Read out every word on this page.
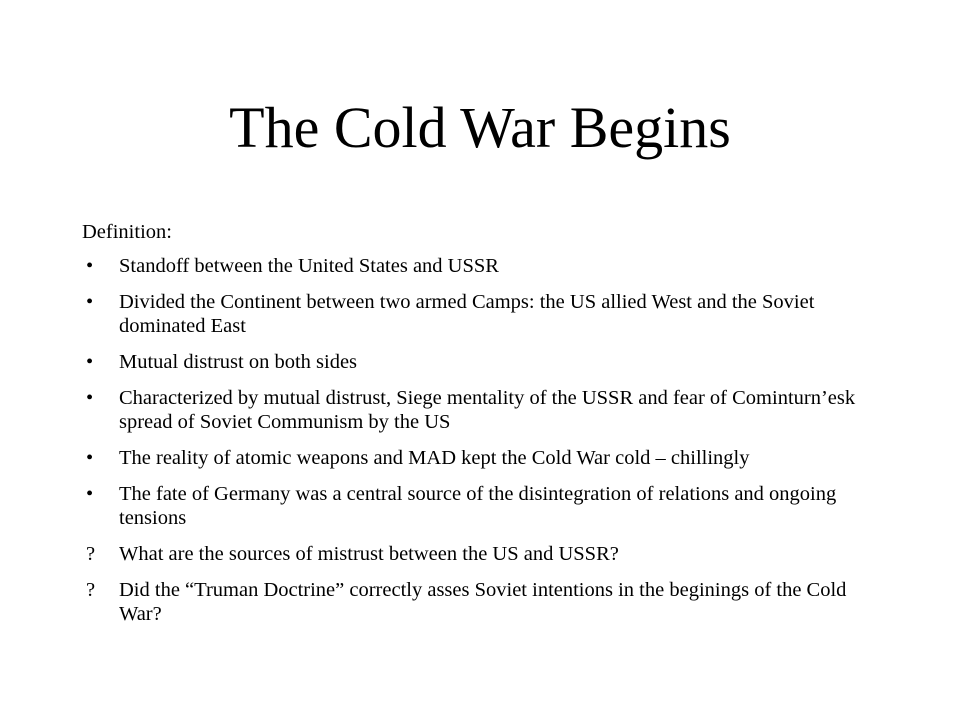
The Cold War Begins
Definition:
•	Standoff between the United States and USSR
•	Divided the Continent between two armed Camps: the US allied West and the Soviet dominated East
•	Mutual distrust on both sides
•	Characterized by mutual distrust, Siege mentality of the USSR and fear of Cominturn’esk spread of Soviet Communism by the US
•	The reality of atomic weapons and MAD kept the Cold War cold – chillingly
•	The fate of Germany was a central source of the disintegration of relations and ongoing tensions
?	What are the sources of mistrust between the US and USSR?
?	Did the “Truman Doctrine” correctly asses Soviet intentions in the beginings of the Cold War?
